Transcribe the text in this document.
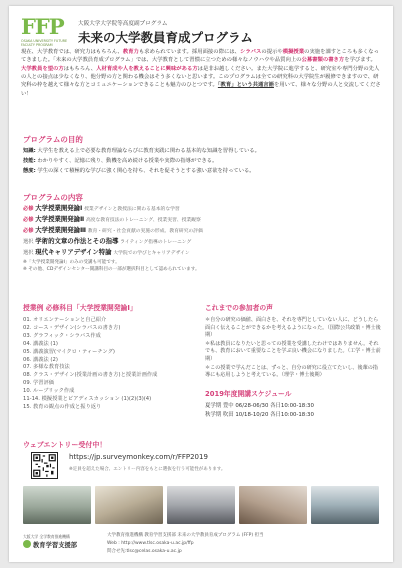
FFP
OSAKA UNIVERSITY FUTURE FACULTY PROGRAM
大阪大学大学院等高度副プログラム
未来の大学教員育成プログラム
現在、大学教育では、研究力はもちろん、教育力も求められています。採用面接の際には、シラバスの提示や模擬授業の実施を課すところも多くなってきました。「未来の大学教員育成プログラム」では、大学教育として習慣に立つための様々なノウハウや品質向上の公募書類の書き方を学びます。大学教員を望の方はもちろん、人材育成や人を教えることに興味がある方は是非お越しください。また大学院に進学すると、研究室や専門分野の先人の人との接点は少なくなり、他分野の方と関わる機会はそう多くないと思います。このプログラムは全ての研究科の大学院生が履修できますので、研究科の枠を越えて様々な方とコミュニケーションできることも魅力のひとつです。「教育」という共通言語を用いて、様々な分野の人と交流してください！
プログラムの目的
知識: 大学生を教える上で必要な教育理論ならびに教育実践に関わる基本的な知識を習得している。
技能: わかりやすく、記憶に残り、動機を高め続ける授業や実際の指導ができる。
態度: 学生の深くて積極的な学びに強く関心を持ち、それを促そうとする強い意欲を持っている。
プログラムの内容
必修 大学授業開発論Ⅰ 授業デザインと教授法に関わる基本的な学習
必修 大学授業開発論Ⅱ 高度な教育技法のトレーニング、授業実習、授業観察
必修 大学授業開発論Ⅲ 教育・研究・社会貢献の実施の形成、教育研究の評価
選択 学術的文章の作法とその指導 ライティング指導のトレーニング
選択 現代キャリアデザイン特論 大学院での学びとキャリアデザイン
※「大学授業開発論Ⅰ」のみの受講も可能です。
※ その他、CDデザインセンター開講科目の一部が選択科目として認められています。
授業例 必修科目「大学授業開発論Ⅰ」
01. オリエンテーションと自己紹介
02. コース・デザイン(シラバスの書き方)
03. グラフィック・シラバス作成
04. 講義法 (1)
05. 講義演習(マイクロ・ティーチング)
06. 講義法 (2)
07. 多様な教育技法
08. クラス・デザイン(授業計画の書き方)と授業計画作成
09. 学習評価
10. ルーブリック作成
11-14. 模擬授業とピアディスカッション (1)(2)(3)(4)
15. 教育の観点の作成と振り返り
これまでの参加者の声
＊自分の研究の価値、面白さを、それを専門としていない人に、どうしたら面白く伝えることができるかを考えるようになった。（国際公共政策・博士後期）
＊私は教員になりたいと思っての授業を受講したわけではありません。それでも、教育において重要なことを学ぶ良い機会になりました。（工学・博士前期）
＊この授業で学んだことは、ずっと、自分の研究に役立てたいし、後輩の指導にも応用しようと考えている。（理学・博士後期）
2019年度開講スケジュール
夏学期 豊中 06/28-06/30 各日10:00-18:30
秋学期 吹田 10/18-10/20 各日10:00-18:30
ウェブエントリー受付中！
https://jp.surveymonkey.com/r/FFP2019
※定員を超えた場合、エントリー内容をもとに選抜を行う可能性があります。
大阪大学 全学教育推進機構
教育学習支援部
大学教育推進機構 教育学習支援部 未来の大学教員育成プログラム (FFP) 担当
Web : http://www.tlsc.osaka-u.ac.jp/ffp
問合せ先:tlsc@celas.osaka-u.ac.jp
